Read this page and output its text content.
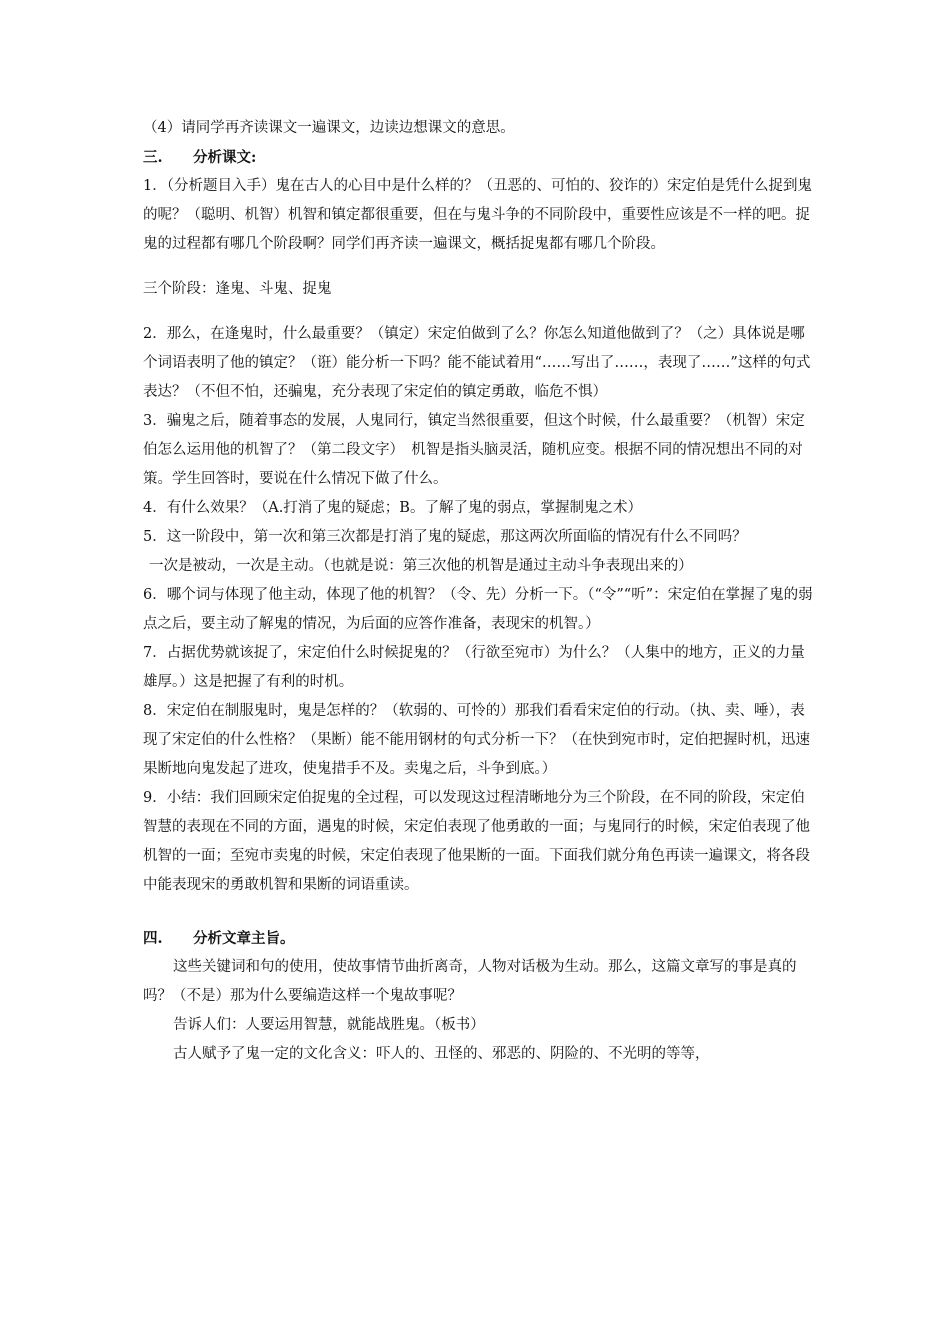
（4）请同学再齐读课文一遍课文，边读边想课文的意思。

三. 分析课文:

1．（分析题目入手）鬼在古人的心目中是什么样的？（丑恶的、可怕的、狡诈的）宋定伯是凭什么捉到鬼的呢？（聪明、机智）机智和镇定都很重要，但在与鬼斗争的不同阶段中，重要性应该是不一样的吧。捉鬼的过程都有哪几个阶段啊？同学们再齐读一遍课文，概括捉鬼都有哪几个阶段。

三个阶段：逢鬼、斗鬼、捉鬼

2．那么，在逢鬼时，什么最重要？（镇定）宋定伯做到了么？你怎么知道他做到了？（之）具体说是哪个词语表明了他的镇定？（诳）能分析一下吗？能不能试着用“……写出了……，表现了……”这样的句式表达？（不但不怕，还骗鬼，充分表现了宋定伯的镇定勇敢，临危不惧）

3．骗鬼之后，随着事态的发展，人鬼同行，镇定当然很重要，但这个时候，什么最重要？（机智）宋定伯怎么运用他的机智了？（第二段文字）　机智是指头脑灵活，随机应变。根据不同的情况想出不同的对策。学生回答时，要说在什么情况下做了什么。

4．有什么效果？（A.打消了鬼的疑虑；B。了解了鬼的弱点，掌握制鬼之术）

5．这一阶段中，第一次和第三次都是打消了鬼的疑虑，那这两次所面临的情况有什么不同吗？

一次是被动，一次是主动。（也就是说：第三次他的机智是通过主动斗争表现出来的）

6．哪个词与体现了他主动，体现了他的机智？（令、先）分析一下。（“令”“听”：宋定伯在掌握了鬼的弱点之后，要主动了解鬼的情况，为后面的应答作准备，表现宋的机智。）

7．占据优势就该捉了，宋定伯什么时候捉鬼的？（行欲至宛市）为什么？（人集中的地方，正义的力量雄厚。）这是把握了有利的时机。

8．宋定伯在制服鬼时，鬼是怎样的？（软弱的、可怜的）那我们看看宋定伯的行动。（执、卖、唾），表现了宋定伯的什么性格？（果断）能不能用钢材的句式分析一下？（在快到宛市时，定伯把握时机，迅速果断地向鬼发起了进攻，使鬼措手不及。卖鬼之后，斗争到底。）

9．小结：我们回顾宋定伯捉鬼的全过程，可以发现这过程清晰地分为三个阶段，在不同的阶段，宋定伯智慧的表现在不同的方面，遇鬼的时候，宋定伯表现了他勇敢的一面；与鬼同行的时候，宋定伯表现了他机智的一面；至宛市卖鬼的时候，宋定伯表现了他果断的一面。下面我们就分角色再读一遍课文，将各段中能表现宋的勇敢机智和果断的词语重读。

四. 分析文章主旨。

这些关键词和句的使用，使故事情节曲折离奇，人物对话极为生动。那么，这篇文章写的事是真的吗？（不是）那为什么要编造这样一个鬼故事呢？

告诉人们：人要运用智慧，就能战胜鬼。（板书）

古人赋予了鬼一定的文化含义：吓人的、丑怪的、邪恶的、阴险的、不光明的等等，
